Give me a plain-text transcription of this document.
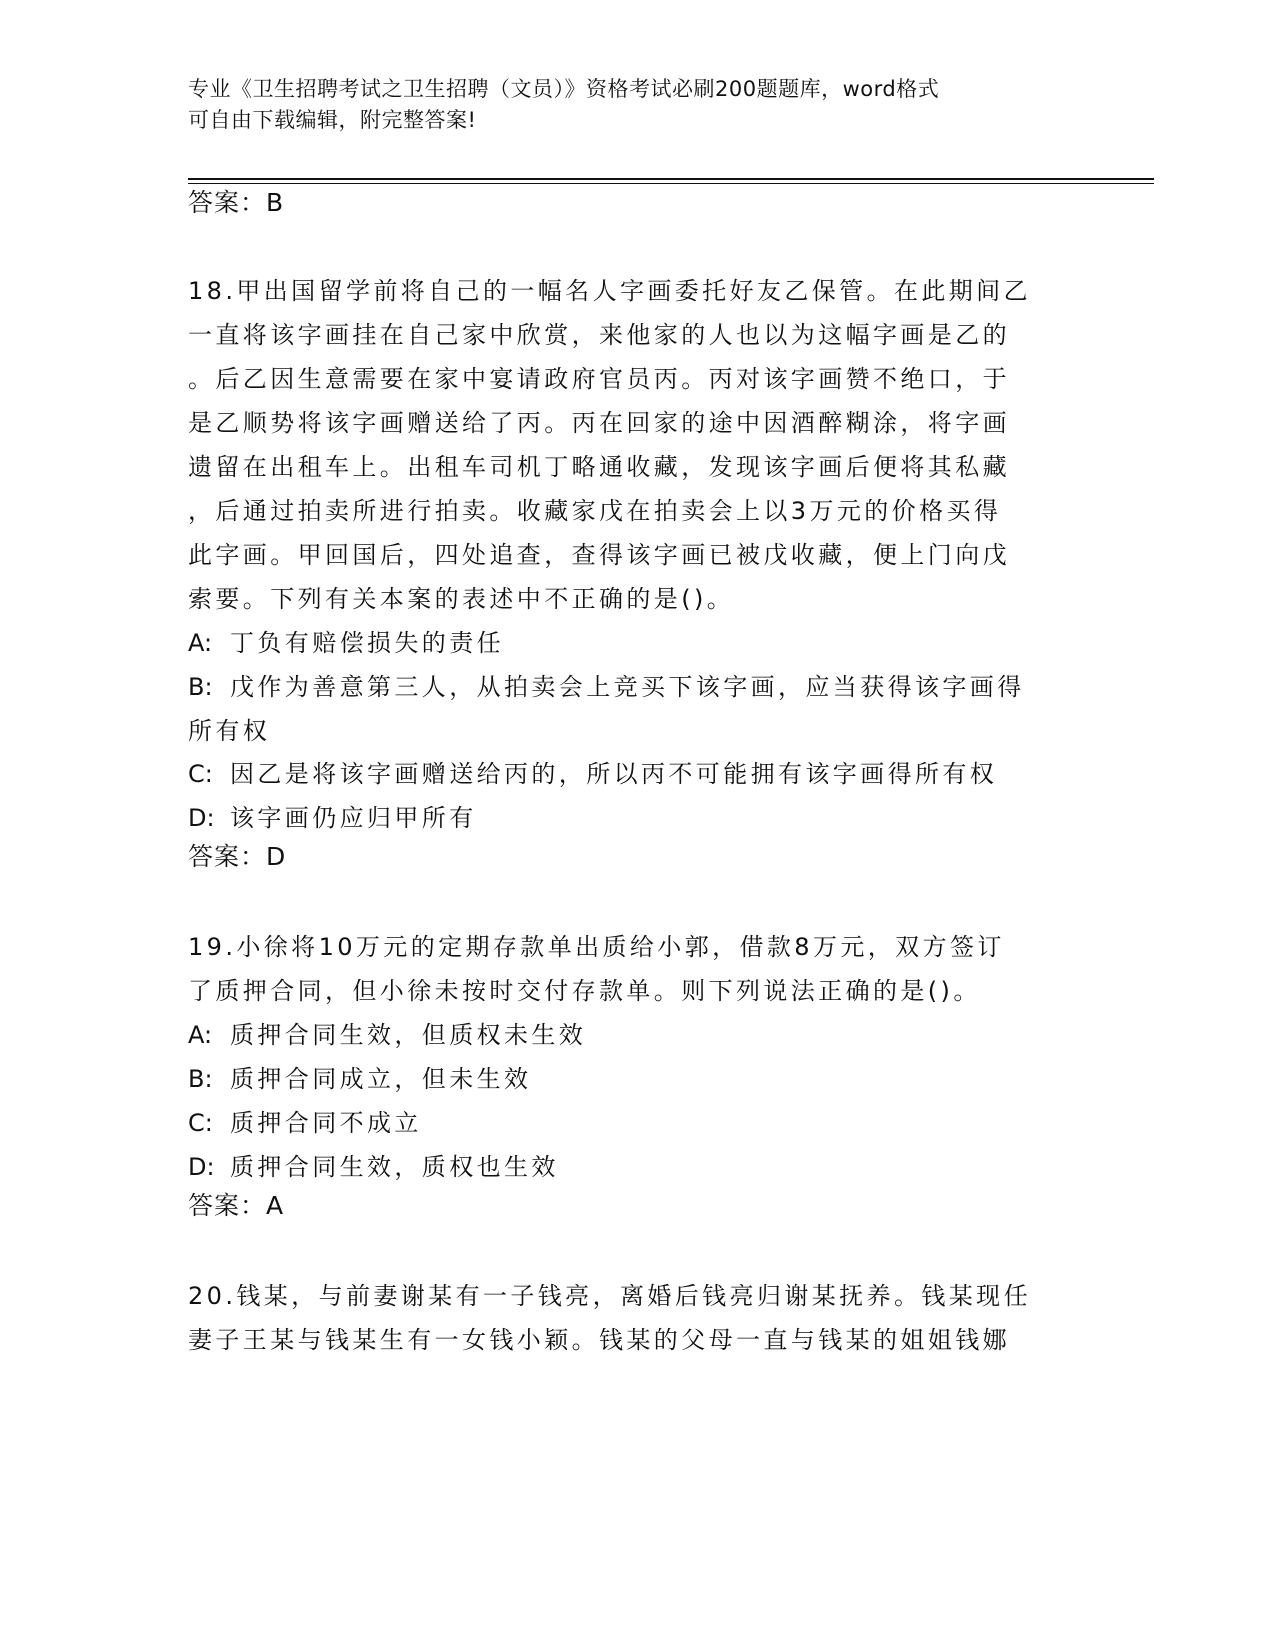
专业《卫生招聘考试之卫生招聘（文员）》资格考试必刷200题题库，word格式
可自由下载编辑，附完整答案!
答案：B
18.甲出国留学前将自己的一幅名人字画委托好友乙保管。在此期间乙
一直将该字画挂在自己家中欣赏，来他家的人也以为这幅字画是乙的
。后乙因生意需要在家中宴请政府官员丙。丙对该字画赞不绝口，于
是乙顺势将该字画赠送给了丙。丙在回家的途中因酒醉糊涂，将字画
遗留在出租车上。出租车司机丁略通收藏，发现该字画后便将其私藏
，后通过拍卖所进行拍卖。收藏家戊在拍卖会上以3万元的价格买得
此字画。甲回国后，四处追查，查得该字画已被戊收藏，便上门向戊
索要。下列有关本案的表述中不正确的是()。
A: 丁负有赔偿损失的责任
B: 戊作为善意第三人，从拍卖会上竞买下该字画，应当获得该字画得
所有权
C: 因乙是将该字画赠送给丙的，所以丙不可能拥有该字画得所有权
D: 该字画仍应归甲所有
答案：D
19.小徐将10万元的定期存款单出质给小郭，借款8万元，双方签订
了质押合同，但小徐未按时交付存款单。则下列说法正确的是()。
A: 质押合同生效，但质权未生效
B: 质押合同成立，但未生效
C: 质押合同不成立
D: 质押合同生效，质权也生效
答案：A
20.钱某，与前妻谢某有一子钱亮，离婚后钱亮归谢某抚养。钱某现任
妻子王某与钱某生有一女钱小颖。钱某的父母一直与钱某的姐姐钱娜
